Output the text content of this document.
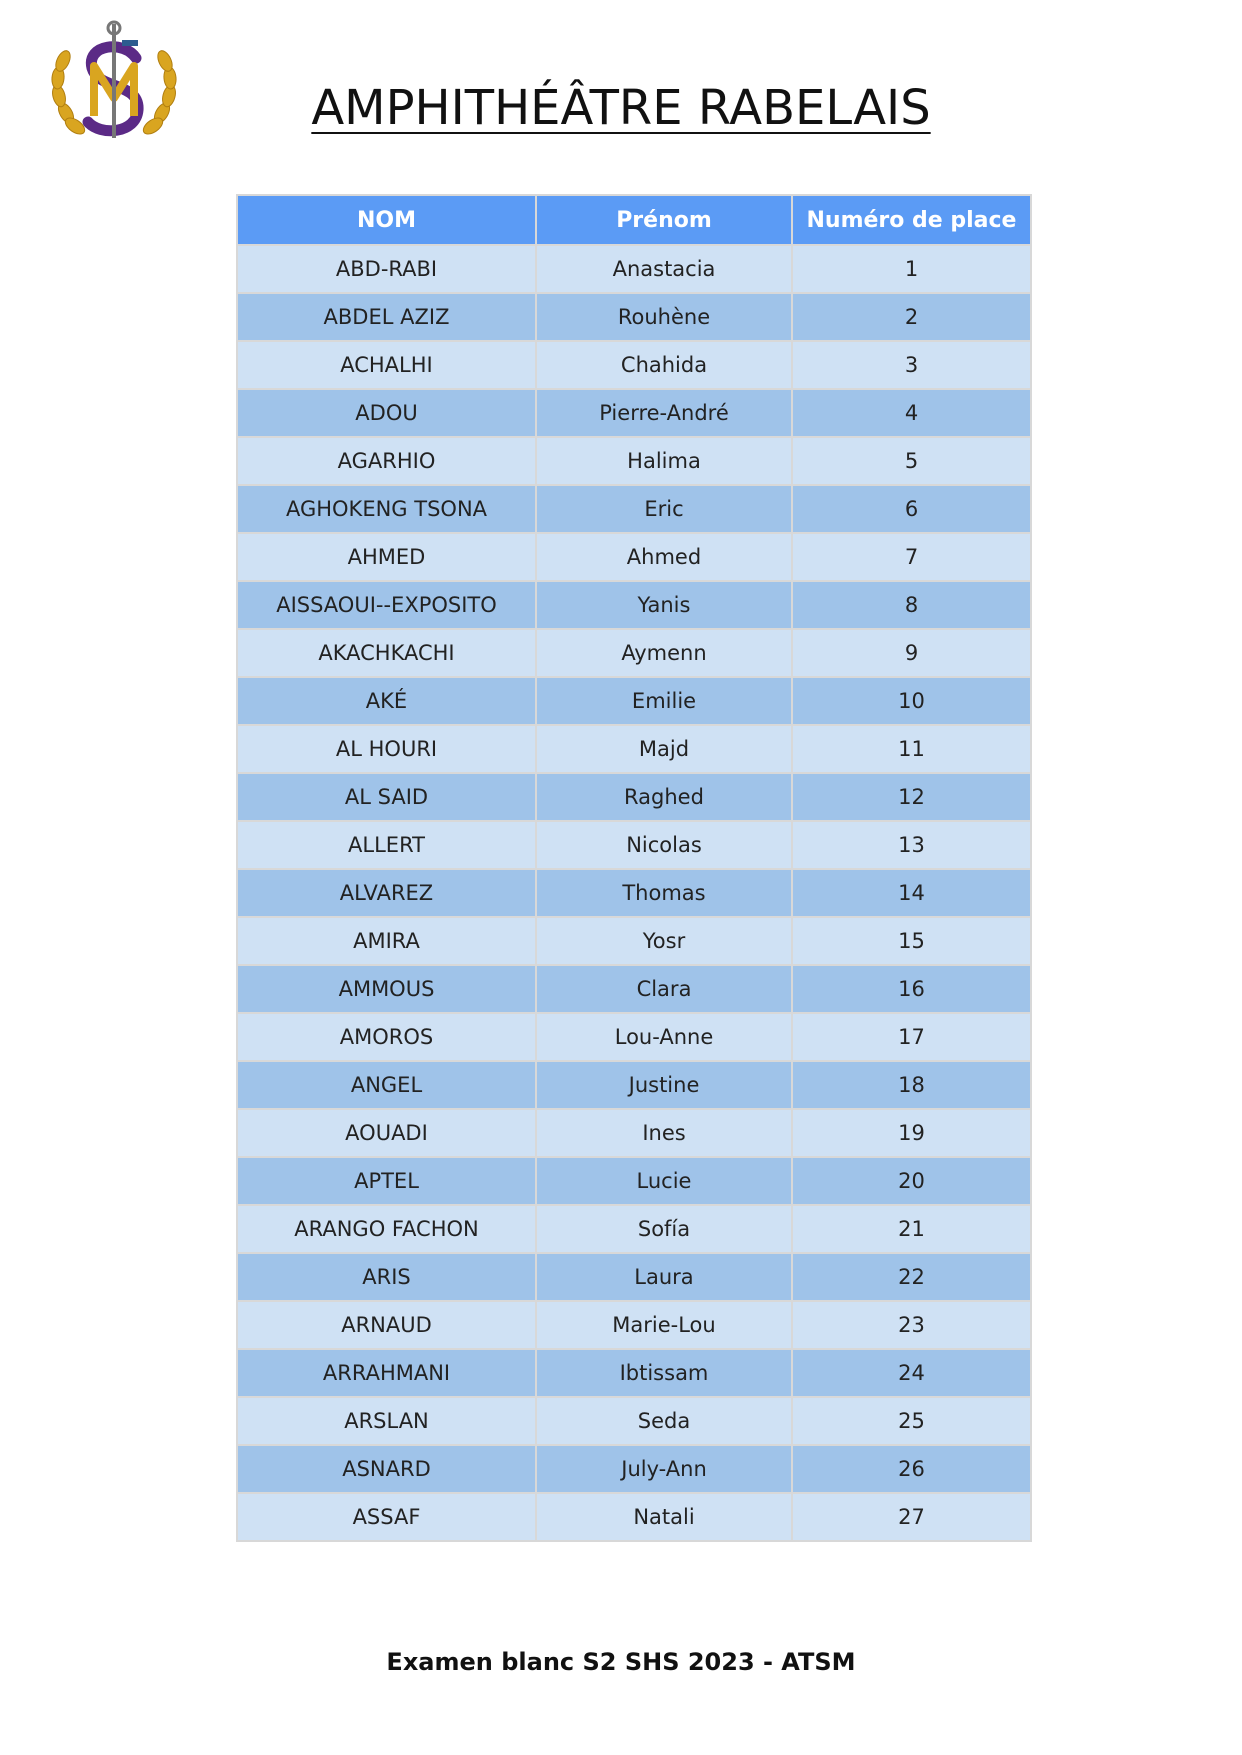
AMPHITHÉÂTRE RABELAIS
NOM	Prénom	Numéro de place
ABD-RABI	Anastacia	1
ABDEL AZIZ	Rouhène	2
ACHALHI	Chahida	3
ADOU	Pierre-André	4
AGARHIO	Halima	5
AGHOKENG TSONA	Eric	6
AHMED	Ahmed	7
AISSAOUI--EXPOSITO	Yanis	8
AKACHKACHI	Aymenn	9
AKÉ	Emilie	10
AL HOURI	Majd	11
AL SAID	Raghed	12
ALLERT	Nicolas	13
ALVAREZ	Thomas	14
AMIRA	Yosr	15
AMMOUS	Clara	16
AMOROS	Lou-Anne	17
ANGEL	Justine	18
AOUADI	Ines	19
APTEL	Lucie	20
ARANGO FACHON	Sofía	21
ARIS	Laura	22
ARNAUD	Marie-Lou	23
ARRAHMANI	Ibtissam	24
ARSLAN	Seda	25
ASNARD	July-Ann	26
ASSAF	Natali	27
Examen blanc S2 SHS 2023 - ATSM
